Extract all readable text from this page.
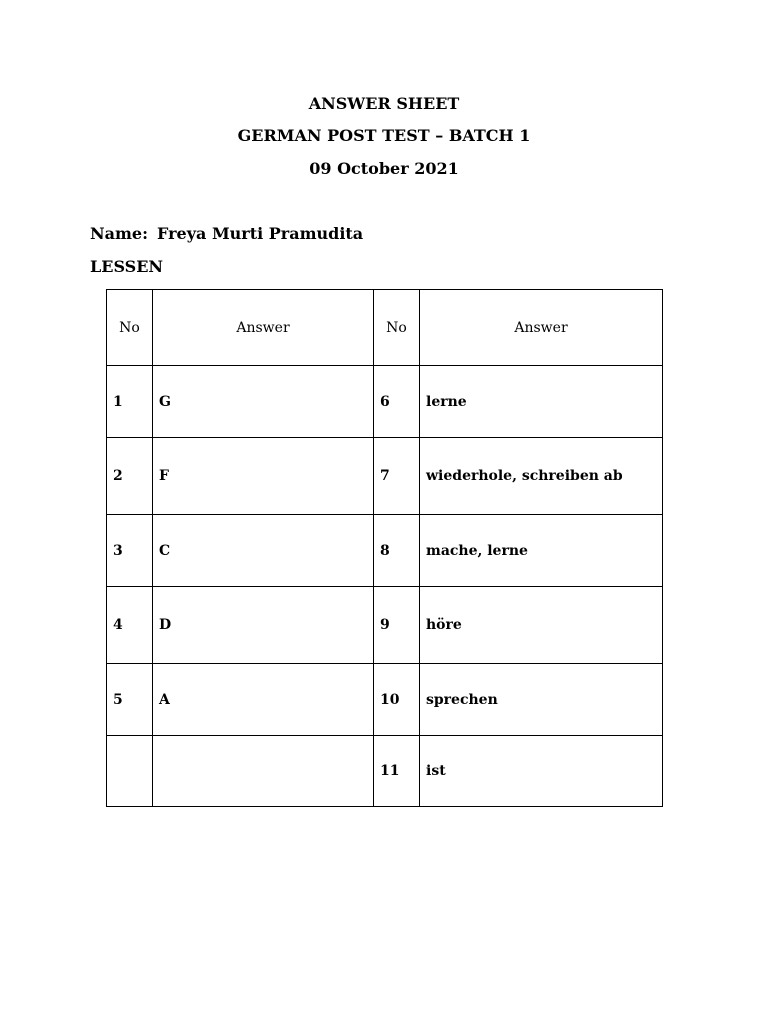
ANSWER SHEET
GERMAN POST TEST – BATCH 1
09 October 2021
Name: Freya Murti Pramudita
LESSEN
No	Answer	No	Answer
1	G	6	lerne
2	F	7	wiederhole, schreiben ab
3	C	8	mache, lerne
4	D	9	höre
5	A	10	sprechen
		11	ist
